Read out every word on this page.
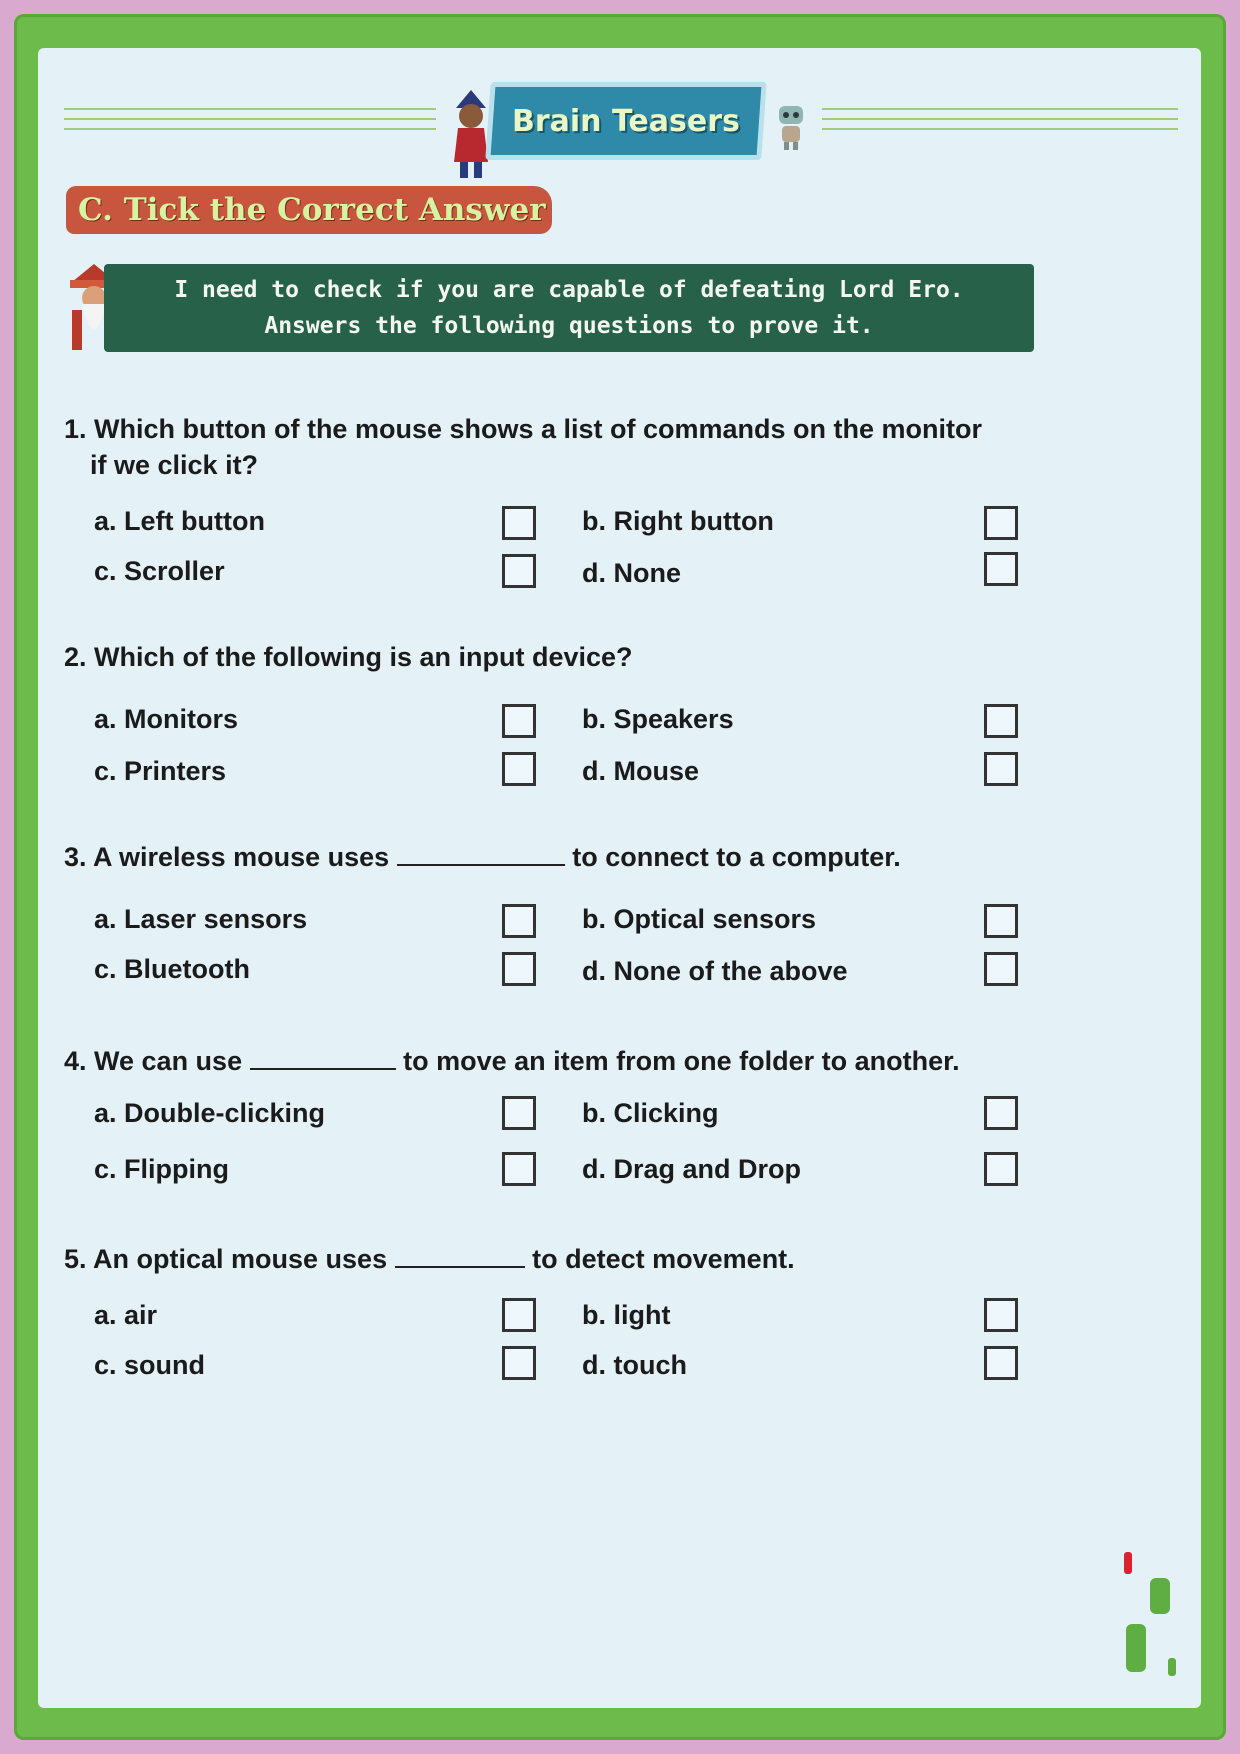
Brain Teasers
C. Tick the Correct Answer
I need to check if you are capable of defeating Lord Ero.
Answers the following questions to prove it.
1. Which button of the mouse shows a list of commands on the monitor
if we click it?
a. Left button	b. Right button
c. Scroller	d. None
2. Which of the following is an input device?
a. Monitors	b. Speakers
c. Printers	d. Mouse
3. A wireless mouse uses	to connect to a computer.
a. Laser sensors	b. Optical sensors
c. Bluetooth	d. None of the above
4. We can use	to move an item from one folder to another.
a. Double-clicking	b. Clicking
c. Flipping	d. Drag and Drop
5. An optical mouse uses	to detect movement.
a. air	b. light
c. sound	d. touch
